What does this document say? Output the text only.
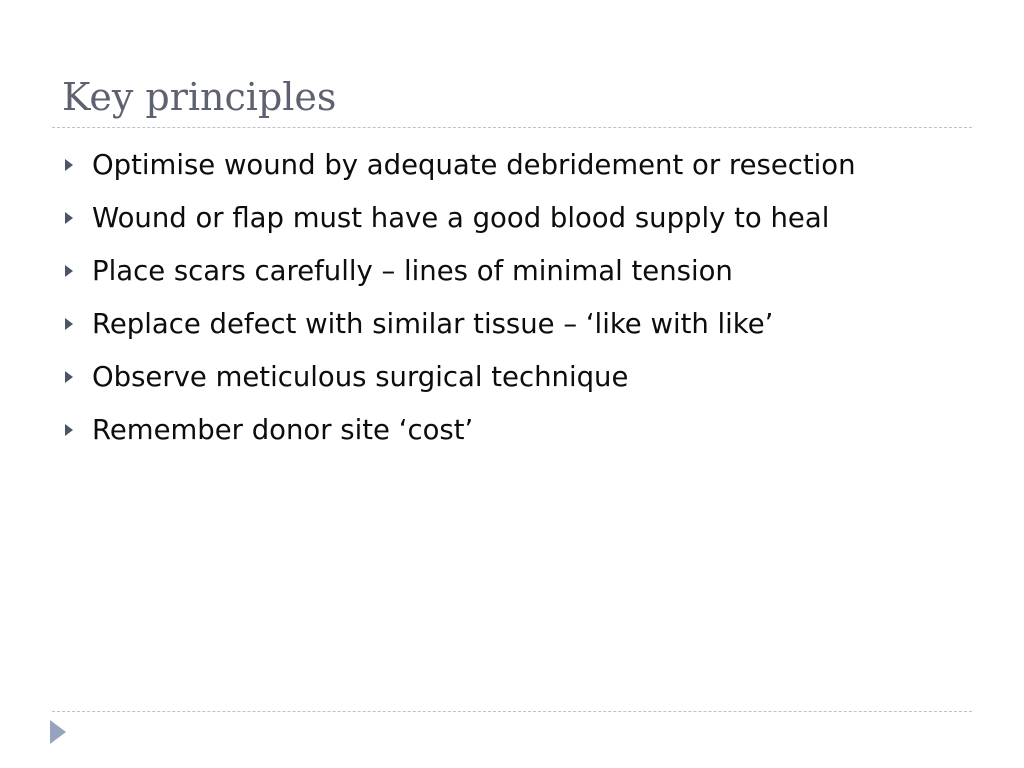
Key principles
Optimise wound by adequate debridement or resection
Wound or flap must have a good blood supply to heal
Place scars carefully – lines of minimal tension
Replace defect with similar tissue – ‘like with like’
Observe meticulous surgical technique
Remember donor site ‘cost’
